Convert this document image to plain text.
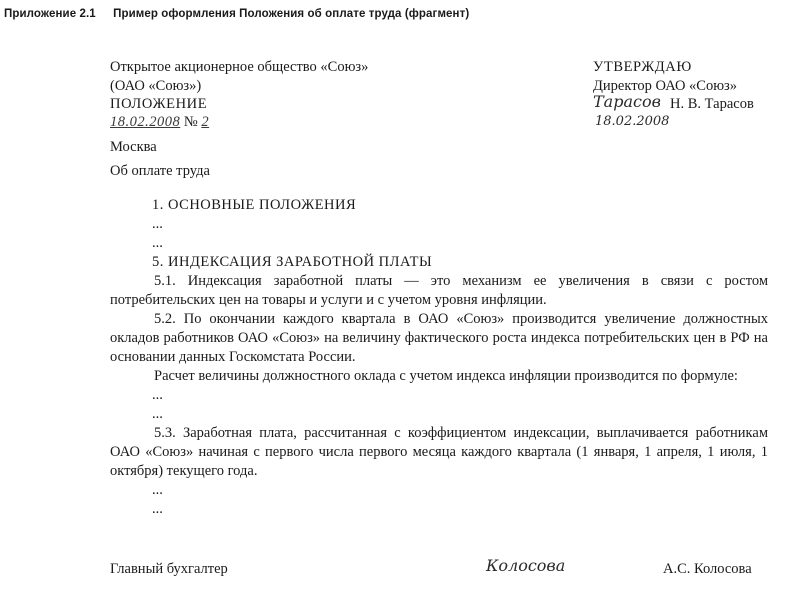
Приложение 2.1 Пример оформления Положения об оплате труда (фрагмент)
Открытое акционерное общество «Союз»
(ОАО «Союз»)
ПОЛОЖЕНИЕ
18.02.2008 № 2
Москва
Об оплате труда
УТВЕРЖДАЮ
Директор ОАО «Союз»
Тарасов Н. В. Тарасов
18.02.2008

1. ОСНОВНЫЕ ПОЛОЖЕНИЯ

...

...

5. ИНДЕКСАЦИЯ ЗАРАБОТНОЙ ПЛАТЫ

5.1. Индексация заработной платы — это механизм ее увеличения в связи с ростом потребительских цен на товары и услуги и с учетом уровня инфляции.

5.2. По окончании каждого квартала в ОАО «Союз» производится увеличение должностных окладов работников ОАО «Союз» на величину фактического роста индекса потребительских цен в РФ на основании данных Госкомстата России.

Расчет величины должностного оклада с учетом индекса инфляции производится по формуле:

...

...

5.3. Заработная плата, рассчитанная с коэффициентом индексации, выплачивается работникам ОАО «Союз» начиная с первого числа первого месяца каждого квартала (1 января, 1 апреля, 1 июля, 1 октября) текущего года.

...

...

Главный бухгалтер	Колосова	А.С. Колосова
